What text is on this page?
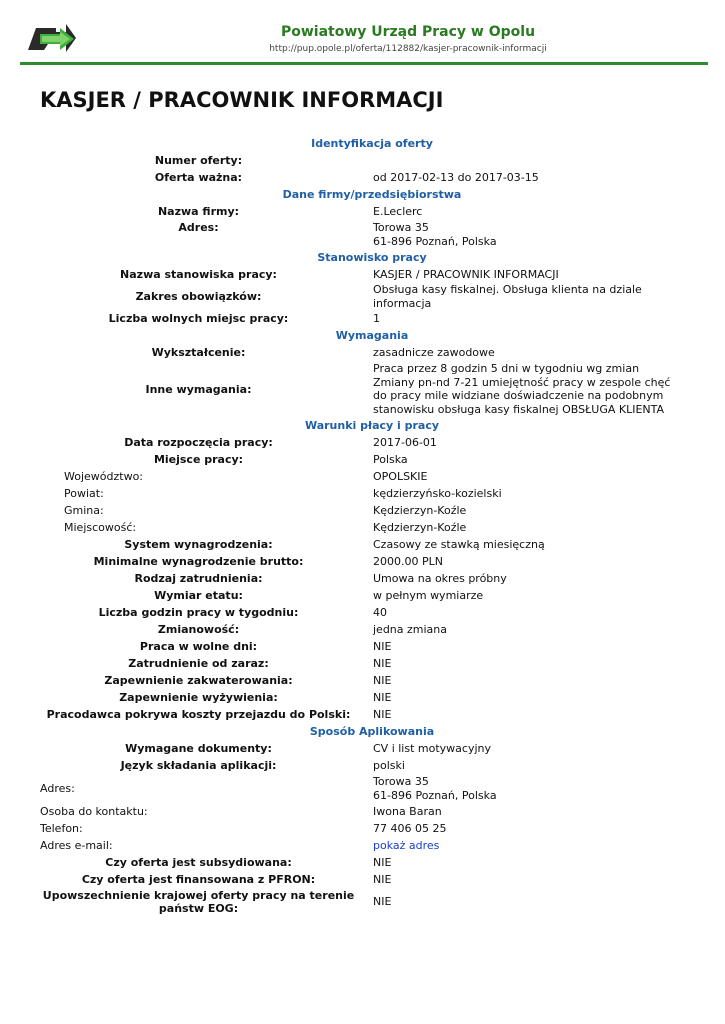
Powiatowy Urząd Pracy w Opolu
http://pup.opole.pl/oferta/112882/kasjer-pracownik-informacji
KASJER / PRACOWNIK INFORMACJI
Identyfikacja oferty
Numer oferty:
Oferta ważna:	od 2017-02-13 do 2017-03-15
Dane firmy/przedsiębiorstwa
Nazwa firmy:	E.Leclerc
Adres:	Torowa 35
61-896 Poznań, Polska
Stanowisko pracy
Nazwa stanowiska pracy:	KASJER / PRACOWNIK INFORMACJI
Zakres obowiązków:
Obsługa kasy fiskalnej. Obsługa klienta na dziale informacja
Liczba wolnych miejsc pracy:	1
Wymagania
Wykształcenie:	zasadnicze zawodowe
Inne wymagania:
Praca przez 8 godzin 5 dni w tygodniu wg zmian Zmiany pn-nd 7-21 umiejętność pracy w zespole chęć do pracy mile widziane doświadczenie na podobnym stanowisku obsługa kasy fiskalnej OBSŁUGA KLIENTA
Warunki płacy i pracy
Data rozpoczęcia pracy:	2017-06-01
Miejsce pracy:	Polska
Województwo:	OPOLSKIE
Powiat:	kędzierzyńsko-kozielski
Gmina:	Kędzierzyn-Koźle
Miejscowość:	Kędzierzyn-Koźle
System wynagrodzenia:	Czasowy ze stawką miesięczną
Minimalne wynagrodzenie brutto:	2000.00 PLN
Rodzaj zatrudnienia:	Umowa na okres próbny
Wymiar etatu:	w pełnym wymiarze
Liczba godzin pracy w tygodniu:	40
Zmianowość:	jedna zmiana
Praca w wolne dni:	NIE
Zatrudnienie od zaraz:	NIE
Zapewnienie zakwaterowania:	NIE
Zapewnienie wyżywienia:	NIE
Pracodawca pokrywa koszty przejazdu do Polski:	NIE
Sposób Aplikowania
Wymagane dokumenty:	CV i list motywacyjny
Język składania aplikacji:	polski
Adres:
Torowa 35
61-896 Poznań, Polska
Osoba do kontaktu:	Iwona Baran
Telefon:	77 406 05 25
Adres e-mail:	pokaż adres
Czy oferta jest subsydiowana:	NIE
Czy oferta jest finansowana z PFRON:	NIE
Upowszechnienie krajowej oferty pracy na terenie państw EOG:
NIE
